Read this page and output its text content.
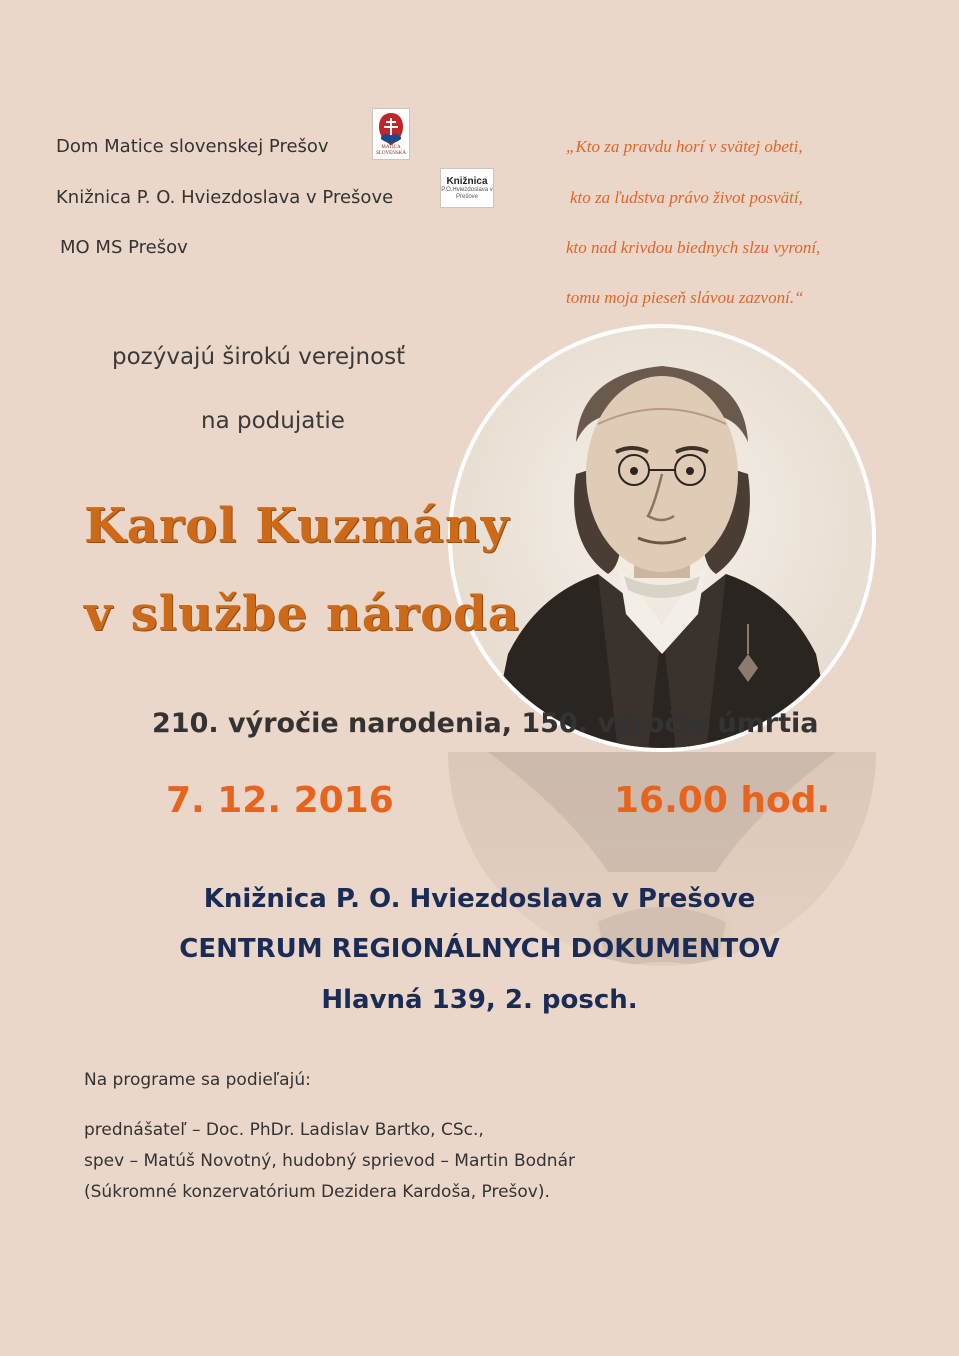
Dom Matice slovenskej Prešov
Knižnica P. O. Hviezdoslava v Prešove
MO MS Prešov
MATICA SLOVENSKÁ
Knižnica
P.O.Hviezdoslava v Prešove
„Kto za pravdu horí v svätej obeti,
kto za ľudstva právo život posvätí,
kto nad krivdou biednych slzu vyroní,
tomu moja pieseň slávou zazvoní.“
pozývajú širokú verejnosť
na podujatie
Karol Kuzmány
v službe národa
210. výročie narodenia, 150. výročie úmrtia
7. 12. 2016	16.00 hod.
Knižnica P. O. Hviezdoslava v Prešove
CENTRUM REGIONÁLNYCH DOKUMENTOV
Hlavná 139, 2. posch.
Na programe sa podieľajú:
prednášateľ – Doc. PhDr. Ladislav Bartko, CSc.,
spev – Matúš Novotný, hudobný sprievod – Martin Bodnár
(Súkromné konzervatórium Dezidera Kardoša, Prešov).
